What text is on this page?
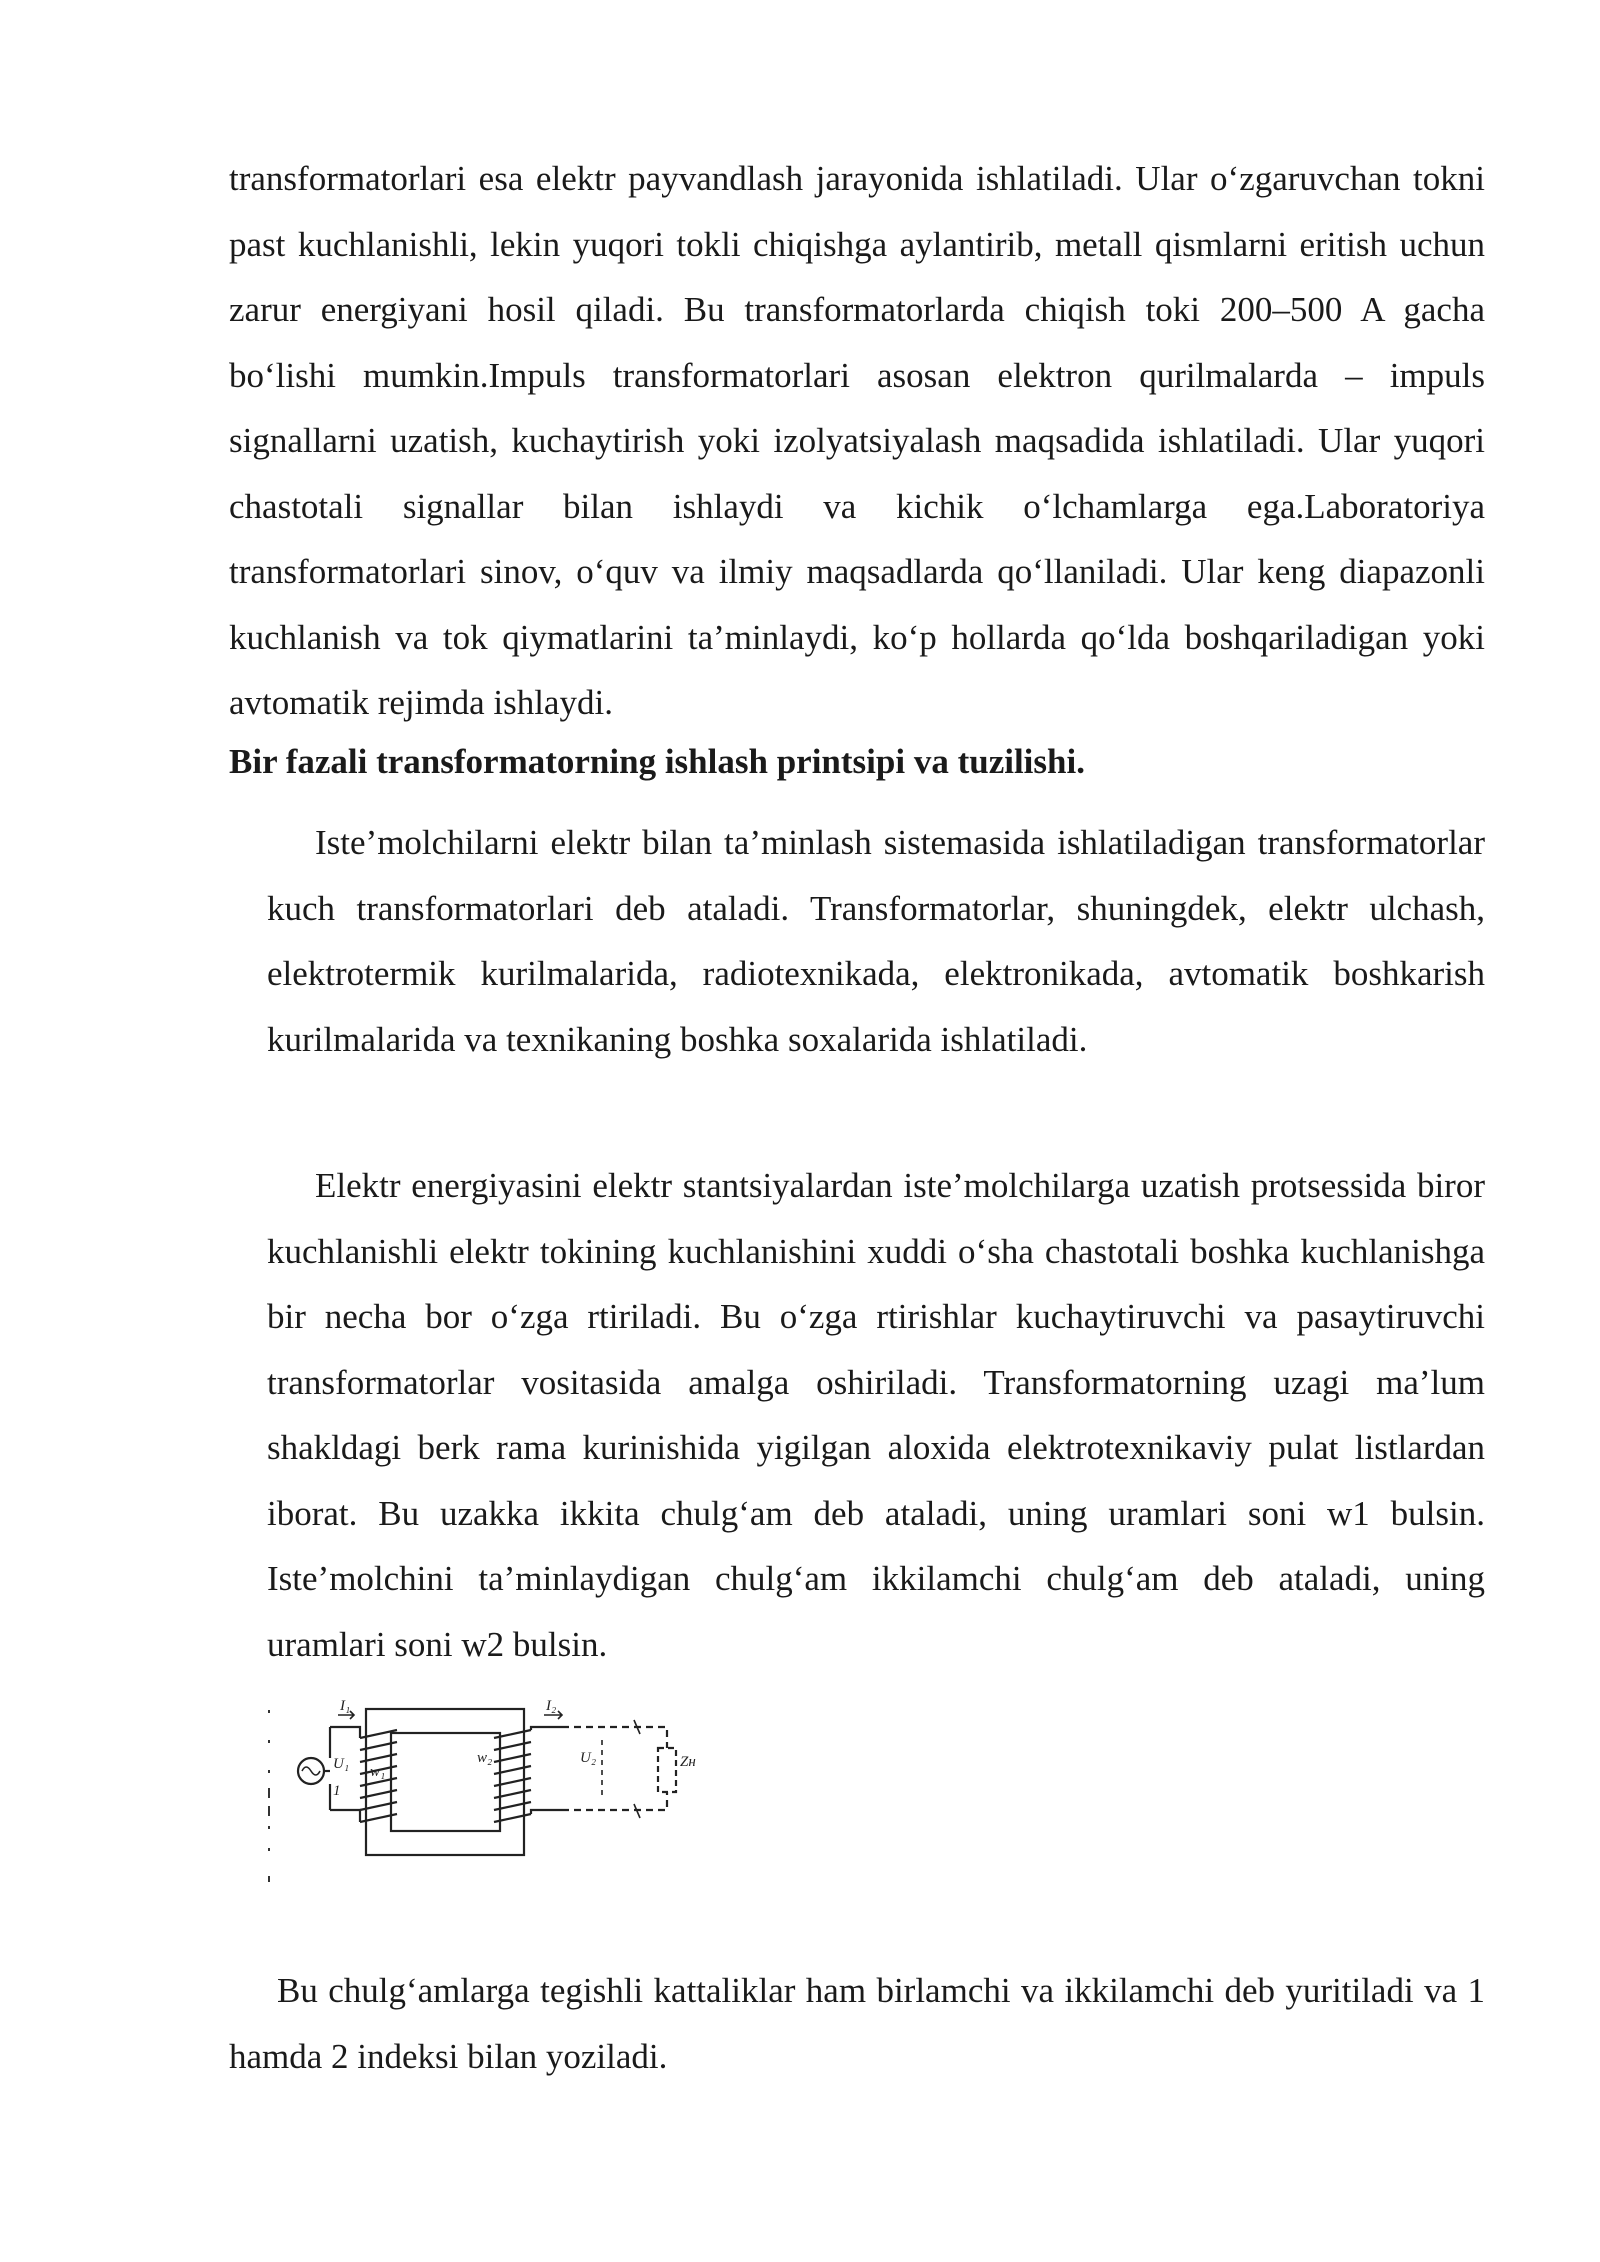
transformatorlari esa elektr payvandlash jarayonida ishlatiladi. Ular o‘zgaruvchan tokni past kuchlanishli, lekin yuqori tokli chiqishga aylantirib, metall qismlarni eritish uchun zarur energiyani hosil qiladi. Bu transformatorlarda chiqish toki 200–500 A gacha bo‘lishi mumkin.Impuls transformatorlari asosan elektron qurilmalarda – impuls signallarni uzatish, kuchaytirish yoki izolyatsiyalash maqsadida ishlatiladi. Ular yuqori chastotali signallar bilan ishlaydi va kichik o‘lchamlarga ega.Laboratoriya transformatorlari sinov, o‘quv va ilmiy maqsadlarda qo‘llaniladi. Ular keng diapazonli kuchlanish va tok qiymatlarini ta’minlaydi, ko‘p hollarda qo‘lda boshqariladigan yoki avtomatik rejimda ishlaydi.

Bir fazali transformatorning ishlash printsipi va tuzilishi.

Iste’molchilarni elektr bilan ta’minlash sistemasida ishlatiladigan transformatorlar kuch transformatorlari deb ataladi. Transformatorlar, shuningdek, elektr ulchash, elektrotermik kurilmalarida, radiotexnikada, elektronikada, avtomatik boshkarish kurilmalarida va texnikaning boshka soxalarida ishlatiladi.

Elektr energiyasini elektr stantsiyalardan iste’molchilarga uzatish protsessida biror kuchlanishli elektr tokining kuchlanishini xuddi o‘sha chastotali boshka kuchlanishga bir necha bor o‘zga rtiriladi. Bu o‘zga rtirishlar kuchaytiruvchi va pasaytiruvchi transformatorlar vositasida amalga oshiriladi. Transformatorning uzagi ma’lum shakldagi berk rama kurinishida yigilgan aloxida elektrotexnikaviy pulat listlardan iborat. Bu uzakka ikkita chulg‘am deb ataladi, uning uramlari soni w1 bulsin. Iste’molchini ta’minlaydigan chulg‘am ikkilamchi chulg‘am deb ataladi, uning uramlari soni w2 bulsin.

I₁	I₂
U₁
1
w₁
w₂	U₂	Zн

Bu chulg‘amlarga tegishli kattaliklar ham birlamchi va ikkilamchi deb yuritiladi va 1 hamda 2 indeksi bilan yoziladi.
